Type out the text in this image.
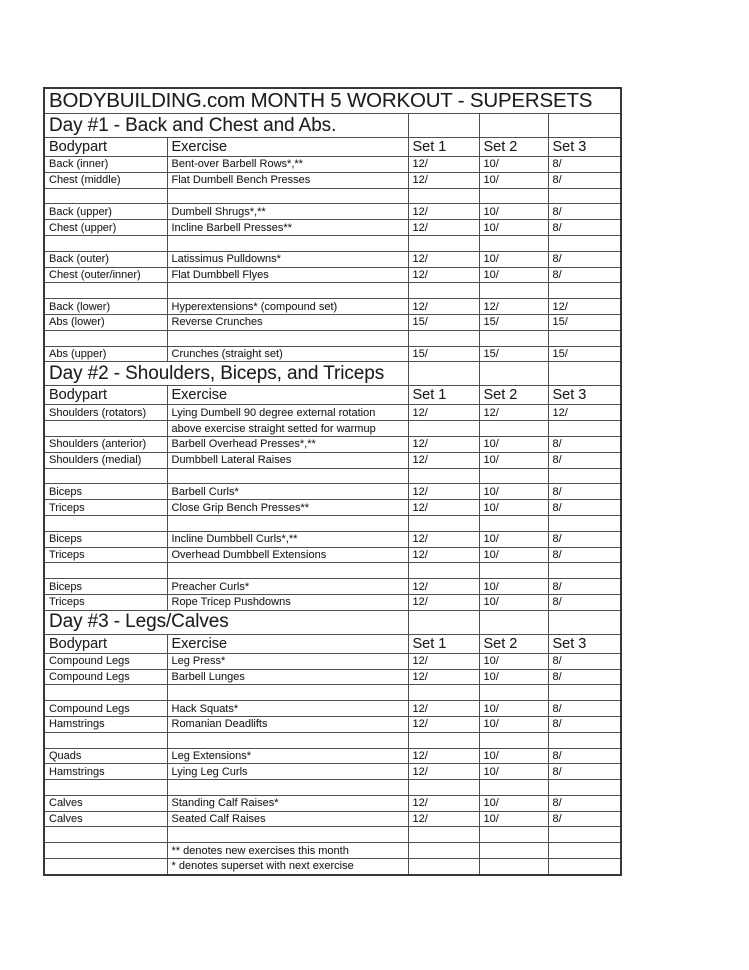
BODYBUILDING.com MONTH 5 WORKOUT - SUPERSETS				
Day #1 - Back and Chest and Abs.				
Bodypart	Exercise	Set 1	Set 2	Set 3
Back (inner)	Bent-over Barbell Rows*,**	12/	10/	8/
Chest (middle)	Flat Dumbell Bench Presses	12/	10/	8/

Back (upper)	Dumbell Shrugs*,**	12/	10/	8/
Chest (upper)	Incline Barbell Presses**	12/	10/	8/

Back (outer)	Latissimus Pulldowns*	12/	10/	8/
Chest (outer/inner)	Flat Dumbbell Flyes	12/	10/	8/

Back (lower)	Hyperextensions* (compound set)	12/	12/	12/
Abs (lower)	Reverse Crunches	15/	15/	15/

Abs (upper)	Crunches (straight set)	15/	15/	15/
Day #2 - Shoulders, Biceps, and Triceps				
Bodypart	Exercise	Set 1	Set 2	Set 3
Shoulders (rotators)	Lying Dumbell 90 degree external rotation	12/	12/	12/
	above exercise straight setted for warmup			
Shoulders (anterior)	Barbell Overhead Presses*,**	12/	10/	8/
Shoulders (medial)	Dumbbell Lateral Raises	12/	10/	8/

Biceps	Barbell Curls*	12/	10/	8/
Triceps	Close Grip Bench Presses**	12/	10/	8/

Biceps	Incline Dumbbell Curls*,**	12/	10/	8/
Triceps	Overhead Dumbbell Extensions	12/	10/	8/

Biceps	Preacher Curls*	12/	10/	8/
Triceps	Rope Tricep Pushdowns	12/	10/	8/
Day #3 - Legs/Calves				
Bodypart	Exercise	Set 1	Set 2	Set 3
Compound Legs	Leg Press*	12/	10/	8/
Compound Legs	Barbell Lunges	12/	10/	8/

Compound Legs	Hack Squats*	12/	10/	8/
Hamstrings	Romanian Deadlifts	12/	10/	8/

Quads	Leg Extensions*	12/	10/	8/
Hamstrings	Lying Leg Curls	12/	10/	8/

Calves	Standing Calf Raises*	12/	10/	8/
Calves	Seated Calf Raises	12/	10/	8/

	** denotes new exercises this month			
	* denotes superset with next exercise			
